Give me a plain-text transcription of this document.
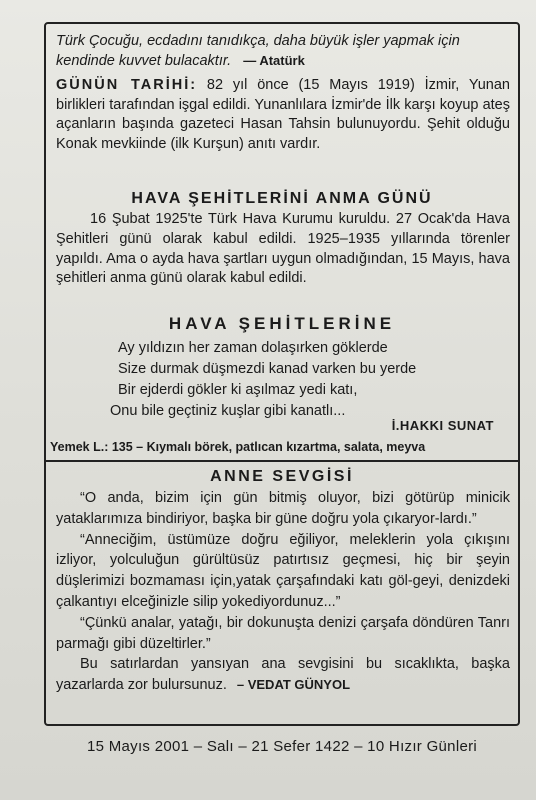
Türk Çocuğu, ecdadını tanıdıkça, daha büyük işler yapmak için kendinde kuvvet bulacaktır. — Atatürk
GÜNÜN TARİHİ: 82 yıl önce (15 Mayıs 1919) İzmir, Yunan birlikleri tarafından işgal edildi. Yunanlılara İzmir'de İlk karşı koyup ateş açanların başında gazeteci Hasan Tahsin bulunuyordu. Şehit olduğu Konak mevkiinde (ilk Kurşun) anıtı vardır.
HAVA ŞEHİTLERİNİ ANMA GÜNÜ
16 Şubat 1925'te Türk Hava Kurumu kuruldu. 27 Ocak'da Hava Şehitleri günü olarak kabul edildi. 1925–1935 yıllarında törenler yapıldı. Ama o ayda hava şartları uygun olmadığından, 15 Mayıs, hava şehitleri anma günü olarak kabul edildi.
HAVA ŞEHİTLERİNE
Ay yıldızın her zaman dolaşırken göklerde
Size durmak düşmezdi kanad varken bu yerde
Bir ejderdi gökler ki aşılmaz yedi katı,
Onu bile geçtiniz kuşlar gibi kanatlı...
İ.HAKKI SUNAT
Yemek L.: 135 – Kıymalı börek, patlıcan kızartma, salata, meyva
ANNE SEVGİSİ

“O anda, bizim için gün bitmiş oluyor, bizi götürüp minicik yataklarımıza bindiriyor, başka bir güne doğru yola çıkaryor-lardı.”

“Anneciğim, üstümüze doğru eğiliyor, meleklerin yola çıkışını izliyor, yolculuğun gürültüsüz patırtısız geçmesi, hiç bir şeyin düşlerimizi bozmaması için,yatak çarşafındaki katı göl-geyi, denizdeki çalkantıyı elceğinizle silip yokediyordunuz...”

“Çünkü analar, yatağı, bir dokunuşta denizi çarşafa döndüren Tanrı parmağı gibi düzeltirler.”

Bu satırlardan yansıyan ana sevgisini bu sıcaklıkta, başka yazarlarda zor bulursunuz. – VEDAT GÜNYOL

15 Mayıs 2001 – Salı – 21 Sefer 1422 – 10 Hızır Günleri
